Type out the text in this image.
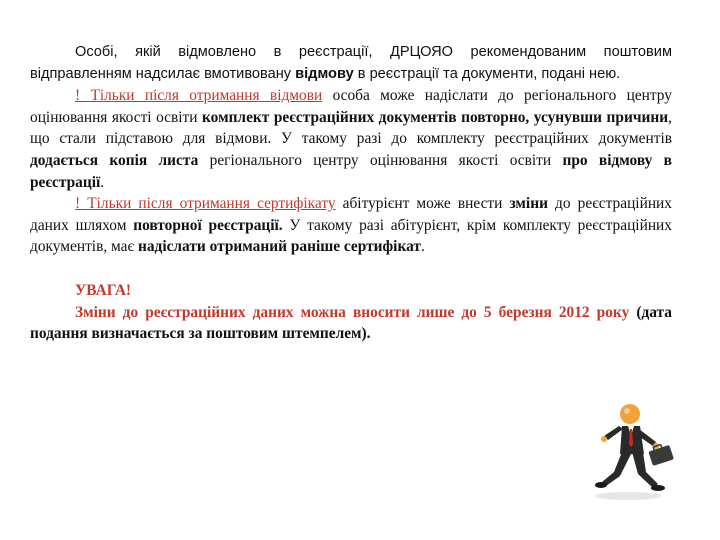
Особі, якій відмовлено в реєстрації, ДРЦОЯО рекомендованим поштовим відправленням надсилає вмотивовану відмову в реєстрації та документи, подані нею.

! Тільки після отримання відмови особа може надіслати до регіонального центру оцінювання якості освіти комплект реєстраційних документів повторно, усунувши причини, що стали підставою для відмови. У такому разі до комплекту реєстраційних документів додається копія листа регіонального центру оцінювання якості освіти про відмову в реєстрації.

! Тільки після отримання сертифікату абітурієнт може внести зміни до реєстраційних даних шляхом повторної реєстрації. У такому разі абітурієнт, крім комплекту реєстраційних документів, має надіслати отриманий раніше сертифікат.

УВАГА!

Зміни до реєстраційних даних можна вносити лише до 5 березня 2012 року (дата подання визначається за поштовим штемпелем).
